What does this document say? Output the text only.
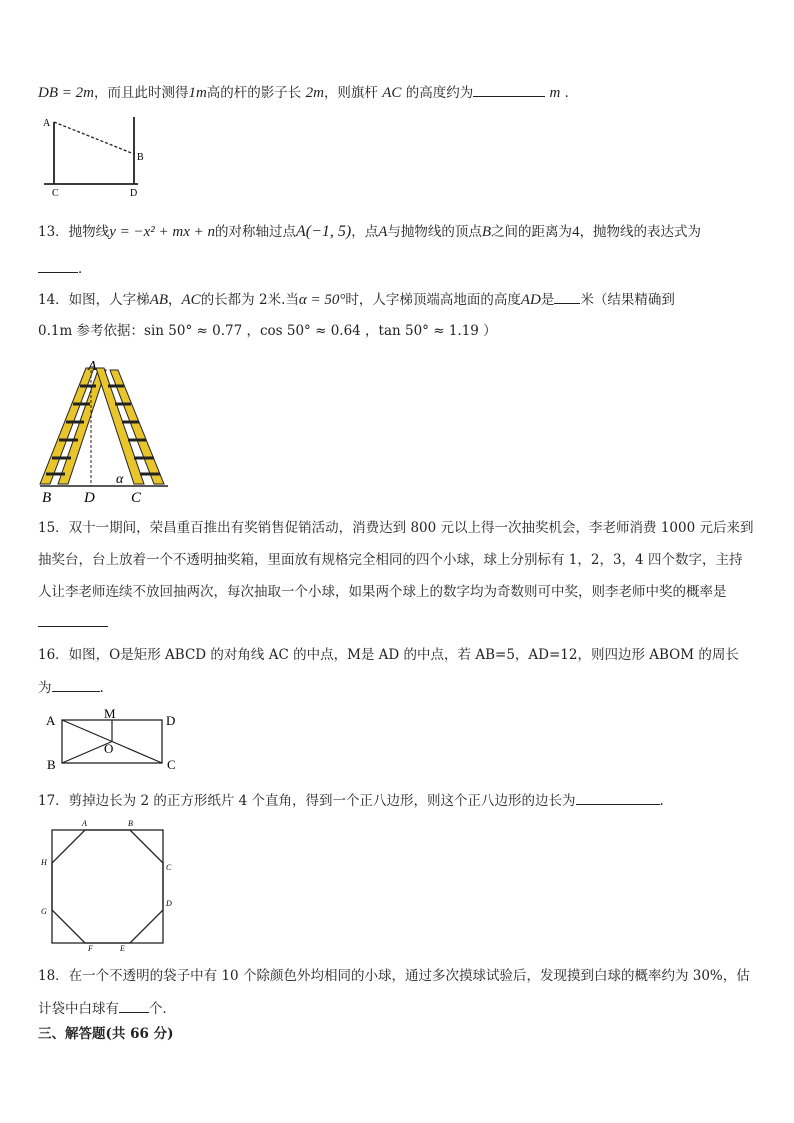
DB = 2m，而且此时测得1m高的杆的影子长 2m，则旗杆 AC 的高度约为	m ．
A
B
C	D
13．抛物线y = −x² + mx + n的对称轴过点A(−1, 5)，点A与抛物线的顶点B之间的距离为4，抛物线的表达式为
．
14．如图，人字梯AB，AC的长都为 2米.当α = 50°时，人字梯顶端高地面的高度AD是 米（结果精确到
0.1m 参考依据：sin 50° ≈ 0.77 ，cos 50° ≈ 0.64 ，tan 50° ≈ 1.19 ）
A
B D C
α
15．双十一期间，荣昌重百推出有奖销售促销活动，消费达到 800 元以上得一次抽奖机会，李老师消费 1000 元后来到
抽奖台，台上放着一个不透明抽奖箱，里面放有规格完全相同的四个小球，球上分别标有 1，2，3，4 四个数字，主持
人让李老师连续不放回抽两次，每次抽取一个小球，如果两个球上的数字均为奇数则可中奖，则李老师中奖的概率是
16．如图，O是矩形 ABCD 的对角线 AC 的中点，M是 AD 的中点，若 AB=5，AD=12，则四边形 ABOM 的周长
为	.
A	M	D
O
B	C
17．剪掉边长为 2 的正方形纸片 4 个直角，得到一个正八边形，则这个正八边形的边长为	.
A	B
C
D
E
F
G
H
18．在一个不透明的袋子中有 10 个除颜色外均相同的小球，通过多次摸球试验后，发现摸到白球的概率约为 30%，估
计袋中白球有 个．
三、解答题(共 66 分)
